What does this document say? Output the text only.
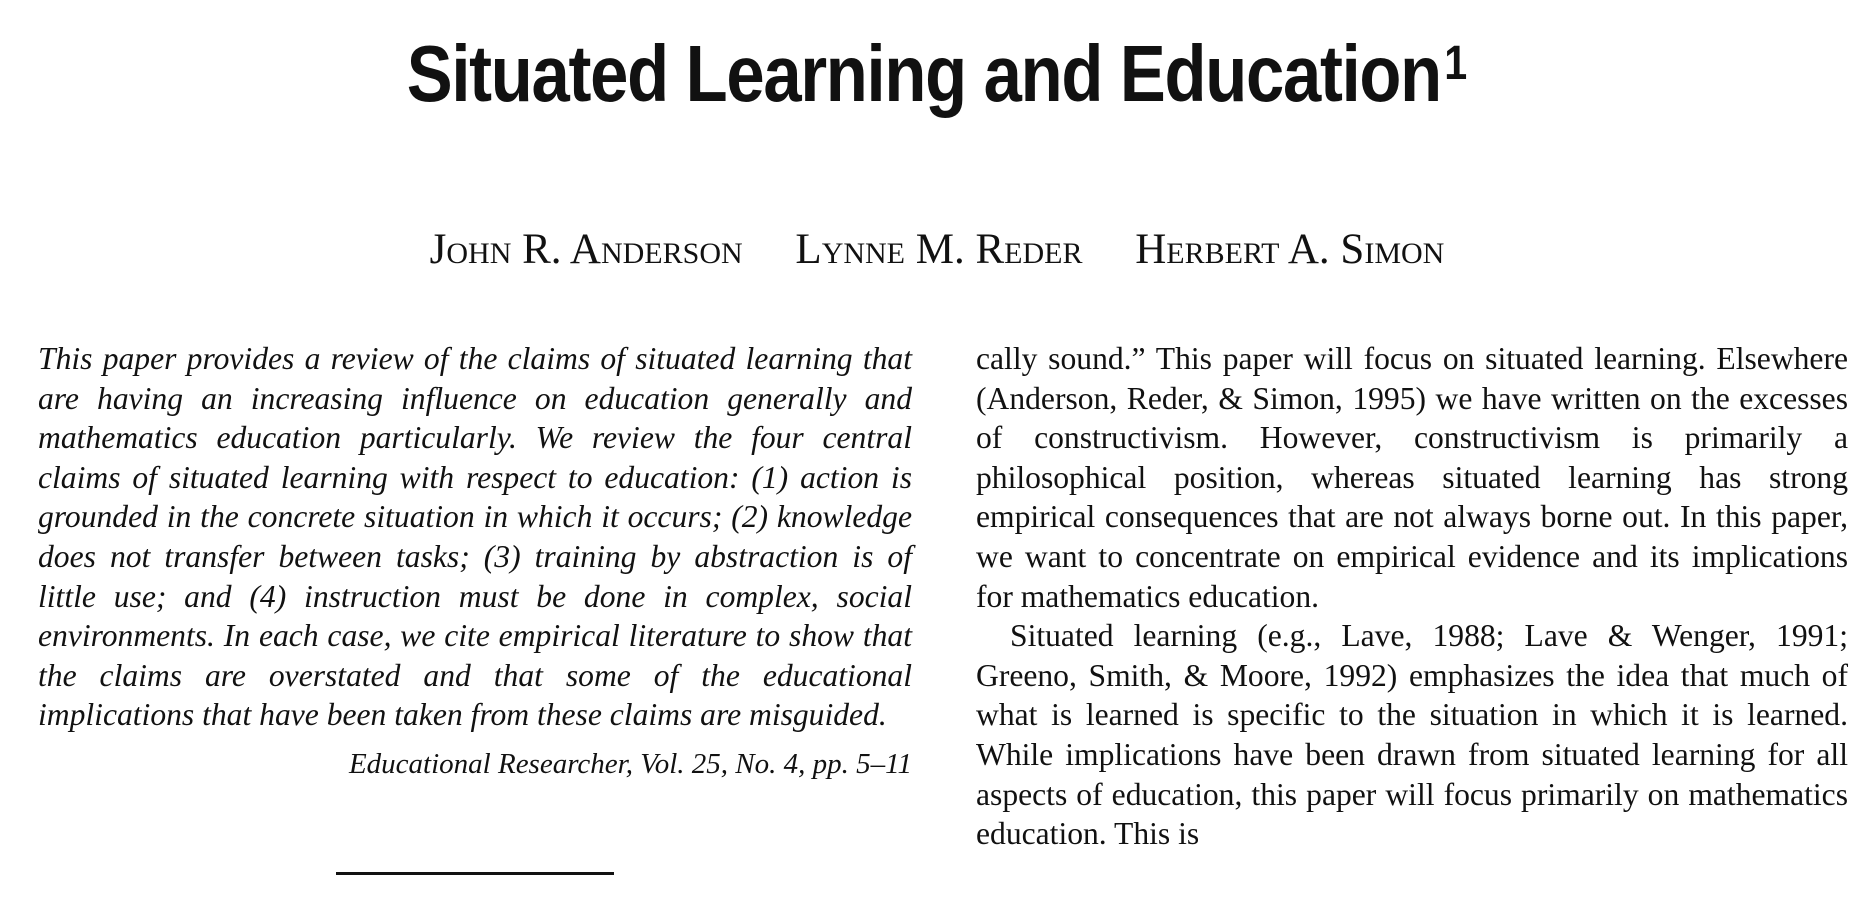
Situated Learning and Education$^1$
John R. Anderson Lynne M. Reder Herbert A. Simon

This paper provides a review of the claims of situated learning that are having an increasing influence on education generally and mathematics education particularly. We review the four central claims of situated learning with respect to education: (1) action is grounded in the concrete situation in which it occurs; (2) knowledge does not transfer between tasks; (3) training by abstraction is of little use; and (4) instruction must be done in complex, social environments. In each case, we cite empirical literature to show that the claims are overstated and that some of the educational implications that have been taken from these claims are misguided.

Educational Researcher, Vol. 25, No. 4, pp. 5–11

cally sound.” This paper will focus on situated learning. Elsewhere (Anderson, Reder, & Simon, 1995) we have written on the excesses of constructivism. However, constructivism is primarily a philosophical position, whereas situated learning has strong empirical consequences that are not always borne out. In this paper, we want to concentrate on empirical evidence and its implications for mathematics education.

Situated learning (e.g., Lave, 1988; Lave & Wenger, 1991; Greeno, Smith, & Moore, 1992) emphasizes the idea that much of what is learned is specific to the situation in which it is learned. While implications have been drawn from situated learning for all aspects of education, this paper will focus primarily on mathematics education. This is
